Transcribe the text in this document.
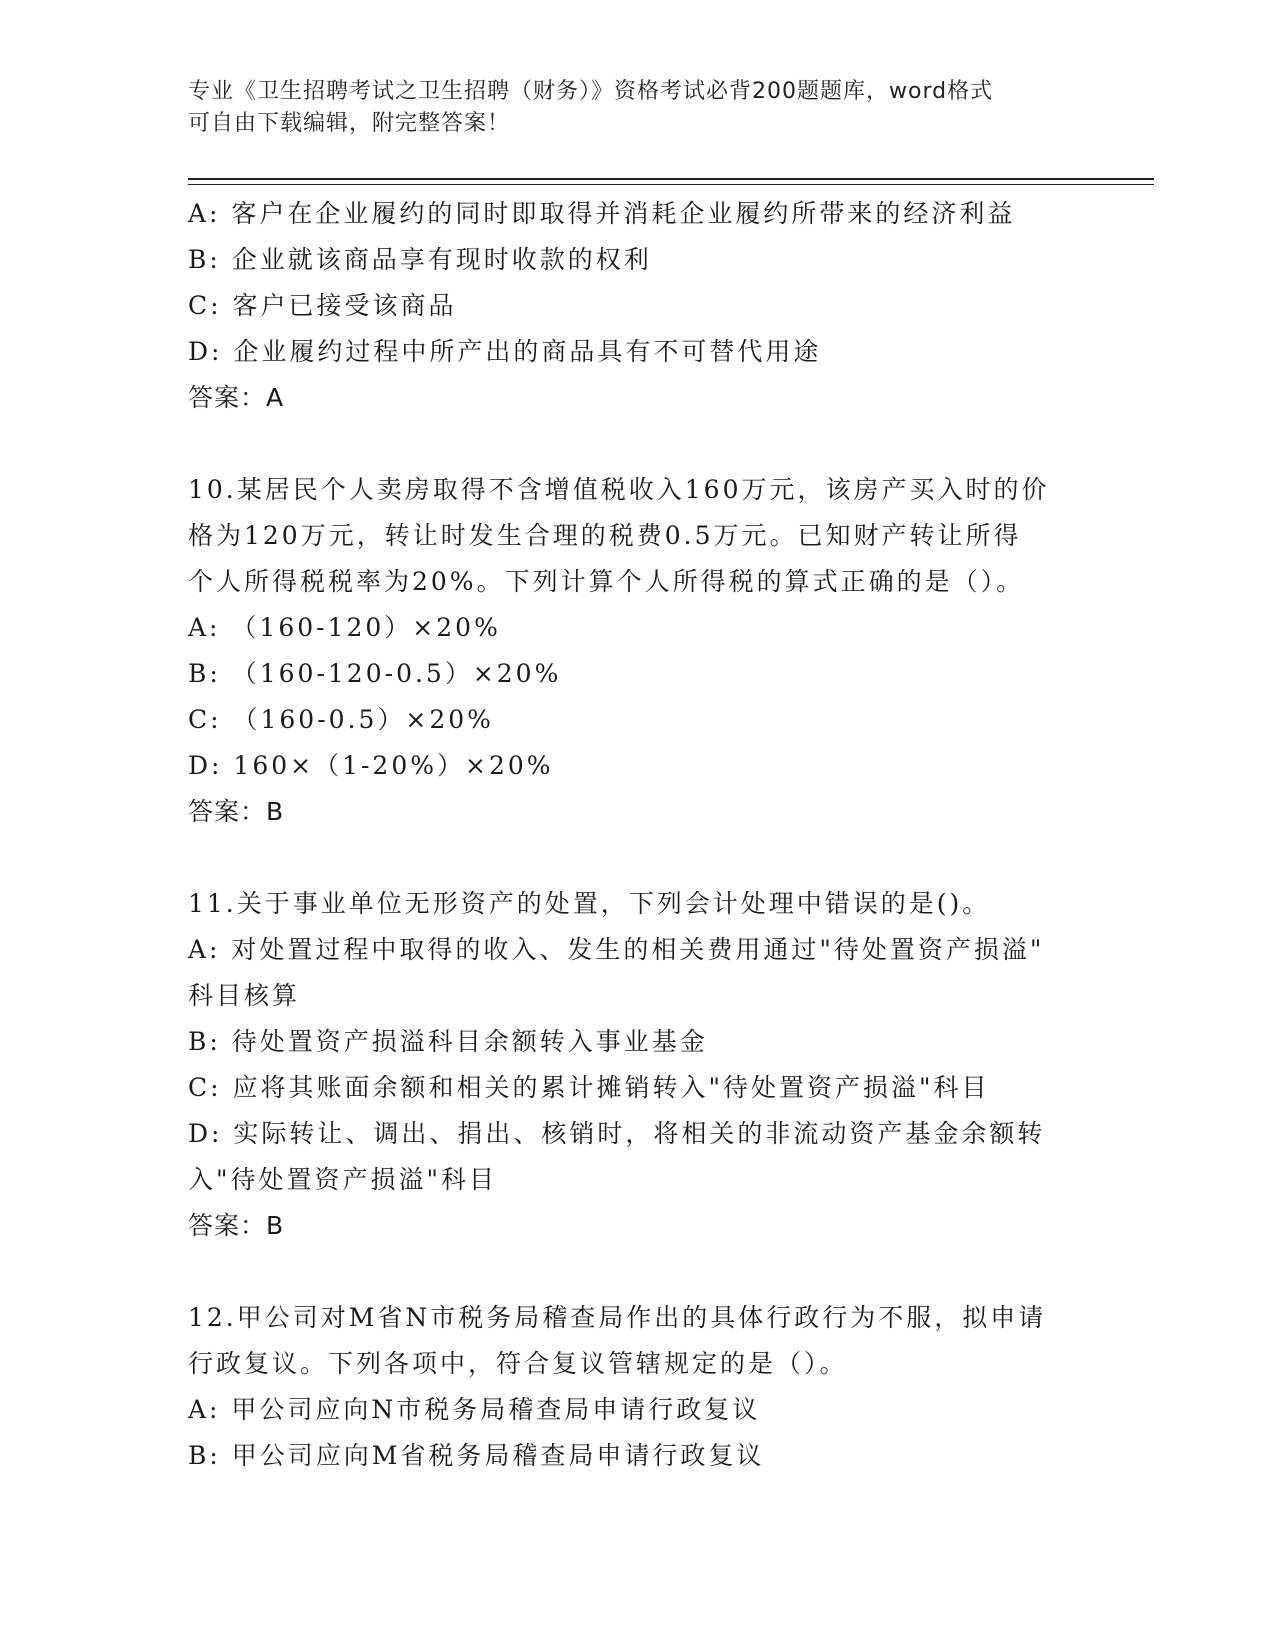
专业《卫生招聘考试之卫生招聘（财务）》资格考试必背200题题库，word格式
可自由下载编辑，附完整答案！
A: 客户在企业履约的同时即取得并消耗企业履约所带来的经济利益
B: 企业就该商品享有现时收款的权利
C: 客户已接受该商品
D: 企业履约过程中所产出的商品具有不可替代用途
答案：A
10.某居民个人卖房取得不含增值税收入160万元，该房产买入时的价
格为120万元，转让时发生合理的税费0.5万元。已知财产转让所得
个人所得税税率为20%。下列计算个人所得税的算式正确的是（）。
A: （160-120）×20%
B: （160-120-0.5）×20%
C: （160-0.5）×20%
D: 160×（1-20%）×20%
答案：B
11.关于事业单位无形资产的处置，下列会计处理中错误的是()。
A: 对处置过程中取得的收入、发生的相关费用通过"待处置资产损溢"
科目核算
B: 待处置资产损溢科目余额转入事业基金
C: 应将其账面余额和相关的累计摊销转入"待处置资产损溢"科目
D: 实际转让、调出、捐出、核销时，将相关的非流动资产基金余额转
入"待处置资产损溢"科目
答案：B
12.甲公司对M省N市税务局稽查局作出的具体行政行为不服，拟申请
行政复议。下列各项中，符合复议管辖规定的是（）。
A: 甲公司应向N市税务局稽查局申请行政复议
B: 甲公司应向M省税务局稽查局申请行政复议
